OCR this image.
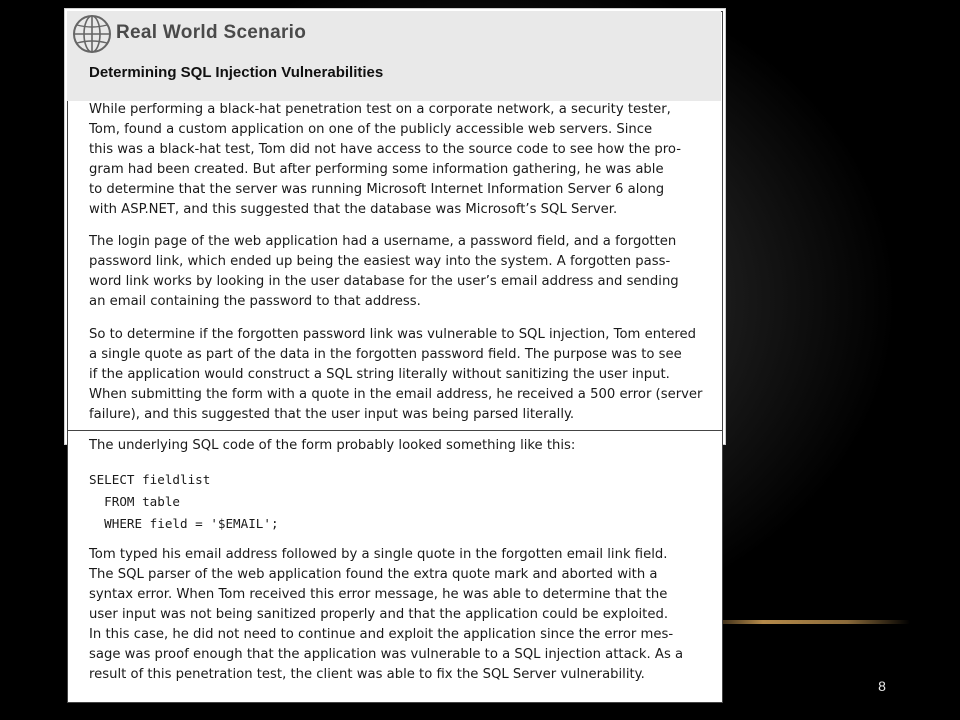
Real World Scenario
Determining SQL Injection Vulnerabilities
While performing a black-hat penetration test on a corporate network, a security tester,
Tom, found a custom application on one of the publicly accessible web servers. Since
this was a black-hat test, Tom did not have access to the source code to see how the pro-
gram had been created. But after performing some information gathering, he was able
to determine that the server was running Microsoft Internet Information Server 6 along
with ASP.NET, and this suggested that the database was Microsoft’s SQL Server.
The login page of the web application had a username, a password field, and a forgotten
password link, which ended up being the easiest way into the system. A forgotten pass-
word link works by looking in the user database for the user’s email address and sending
an email containing the password to that address.
So to determine if the forgotten password link was vulnerable to SQL injection, Tom entered
a single quote as part of the data in the forgotten password field. The purpose was to see
if the application would construct a SQL string literally without sanitizing the user input.
When submitting the form with a quote in the email address, he received a 500 error (server
failure), and this suggested that the user input was being parsed literally.
The underlying SQL code of the form probably looked something like this:
SELECT fieldlist
FROM table
WHERE field = '$EMAIL';
Tom typed his email address followed by a single quote in the forgotten email link field.
The SQL parser of the web application found the extra quote mark and aborted with a
syntax error. When Tom received this error message, he was able to determine that the
user input was not being sanitized properly and that the application could be exploited.
In this case, he did not need to continue and exploit the application since the error mes-
sage was proof enough that the application was vulnerable to a SQL injection attack. As a
result of this penetration test, the client was able to fix the SQL Server vulnerability.
8
